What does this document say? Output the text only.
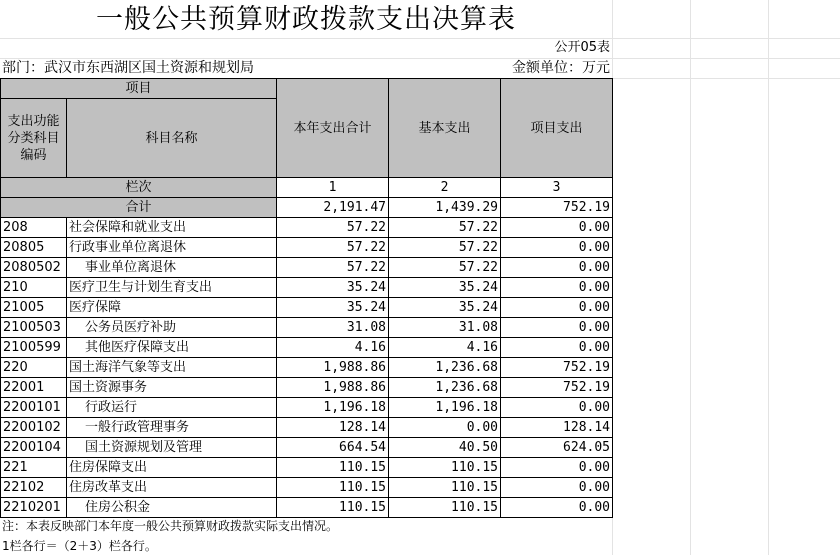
一般公共预算财政拨款支出决算表
公开05表
部门：武汉市东西湖区国土资源和规划局	金额单位：万元
项目		本年支出合计	基本支出	项目支出
支出功能分类科目编码	科目名称			
栏次		1	2	3
合计		2,191.47	1,439.29	752.19
208	社会保障和就业支出	57.22	57.22	0.00
20805	行政事业单位离退休	57.22	57.22	0.00
2080502	事业单位离退休	57.22	57.22	0.00
210	医疗卫生与计划生育支出	35.24	35.24	0.00
21005	医疗保障	35.24	35.24	0.00
2100503	公务员医疗补助	31.08	31.08	0.00
2100599	其他医疗保障支出	4.16	4.16	0.00
220	国土海洋气象等支出	1,988.86	1,236.68	752.19
22001	国土资源事务	1,988.86	1,236.68	752.19
2200101	行政运行	1,196.18	1,196.18	0.00
2200102	一般行政管理事务	128.14	0.00	128.14
2200104	国土资源规划及管理	664.54	40.50	624.05
221	住房保障支出	110.15	110.15	0.00
22102	住房改革支出	110.15	110.15	0.00
2210201	住房公积金	110.15	110.15	0.00
注：本表反映部门本年度一般公共预算财政拨款实际支出情况。
1栏各行＝（2＋3）栏各行。
